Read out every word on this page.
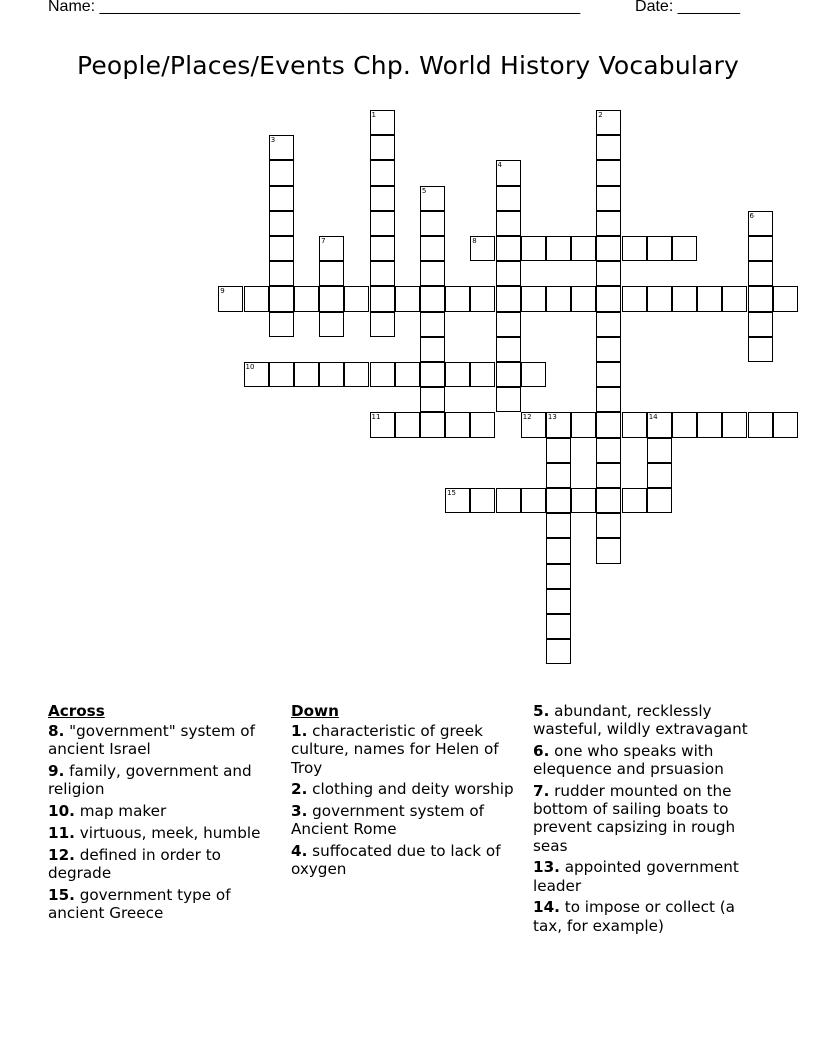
Name: ______________________________________________________	Date: _______
People/Places/Events Chp. World History Vocabulary
1	2
3
4
5
6
7	8
9
10
11	12 13	14
15
Across
8. "government" system of ancient Israel
9. family, government and religion
10. map maker
11. virtuous, meek, humble
12. defined in order to degrade
15. government type of ancient Greece
Down
1. characteristic of greek culture, names for Helen of Troy
2. clothing and deity worship
3. government system of Ancient Rome
4. suffocated due to lack of oxygen
5. abundant, recklessly wasteful, wildly extravagant
6. one who speaks with elequence and prsuasion
7. rudder mounted on the bottom of sailing boats to prevent capsizing in rough seas
13. appointed government leader
14. to impose or collect (a tax, for example)
